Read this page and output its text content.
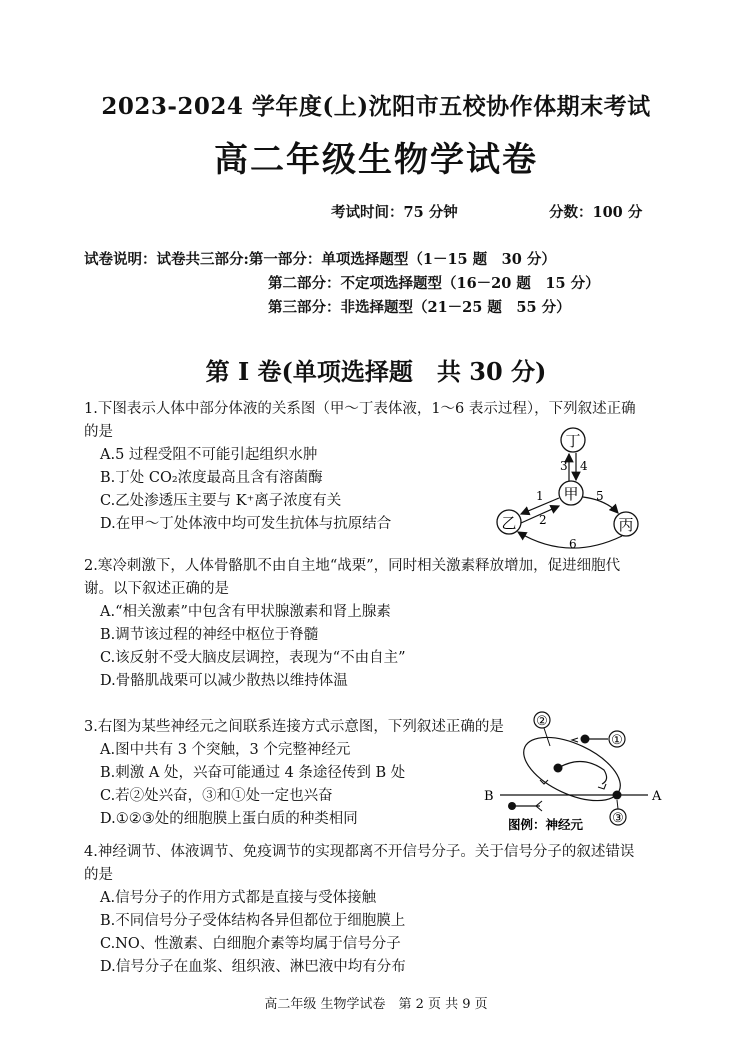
2023-2024 学年度(上)沈阳市五校协作体期末考试
高二年级生物学试卷
考试时间：75 分钟	分数：100 分
试卷说明：试卷共三部分:第一部分：单项选择题型（1－15 题　30 分）
第二部分：不定项选择题型（16－20 题　15 分）
第三部分：非选择题型（21－25 题　55 分）
第 I 卷(单项选择题　共 30 分)
1.下图表示人体中部分体液的关系图（甲～丁表体液，1～6 表示过程），下列叙述正确
的是
A.5 过程受阻不可能引起组织水肿
B.丁处 CO₂浓度最高且含有溶菌酶
C.乙处渗透压主要与 K⁺离子浓度有关
D.在甲～丁处体液中均可发生抗体与抗原结合
丁
甲
乙	丙
3 4
1
2
5
6
2.寒冷刺激下，人体骨骼肌不由自主地“战栗”，同时相关激素释放增加，促进细胞代
谢。以下叙述正确的是
A.“相关激素”中包含有甲状腺激素和肾上腺素
B.调节该过程的神经中枢位于脊髓
C.该反射不受大脑皮层调控，表现为“不由自主”
D.骨骼肌战栗可以减少散热以维持体温
3.右图为某些神经元之间联系连接方式示意图，下列叙述正确的是
A.图中共有 3 个突触，3 个完整神经元
B.刺激 A 处，兴奋可能通过 4 条途径传到 B 处
C.若②处兴奋，③和①处一定也兴奋
D.①②③处的细胞膜上蛋白质的种类相同
②
①
B	A
③
图例：神经元
4.神经调节、体液调节、免疫调节的实现都离不开信号分子。关于信号分子的叙述错误
的是
A.信号分子的作用方式都是直接与受体接触
B.不同信号分子受体结构各异但都位于细胞膜上
C.NO、性激素、白细胞介素等均属于信号分子
D.信号分子在血浆、组织液、淋巴液中均有分布
高二年级 生物学试卷　第 2 页 共 9 页
